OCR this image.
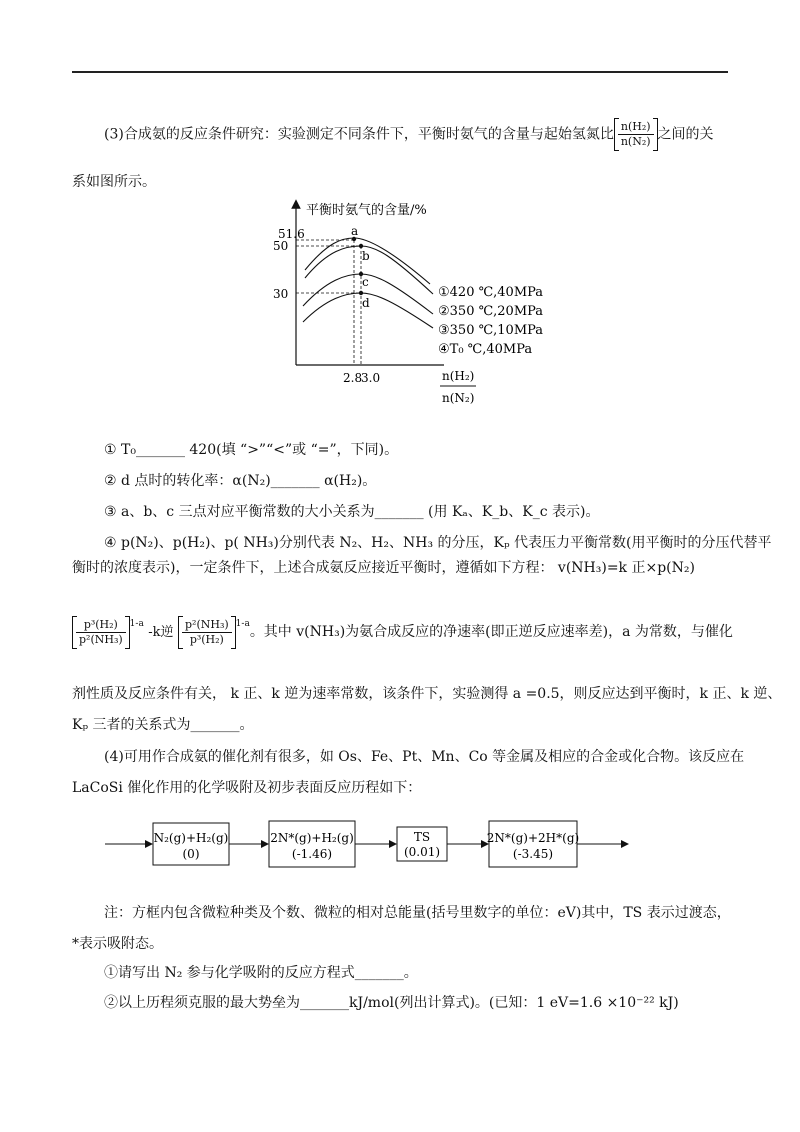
(3)合成氨的反应条件研究：实验测定不同条件下，平衡时氨气的含量与起始氢氮比 $\frac{\text{n(H₂)}}{\text{n(N₂)}}$ 之间的关
系如图所示。
平衡时氨气的含量/%
51.6
50
30
2.8
3.0
a
b
c
d
①420 ℃,40MPa
②350 ℃,20MPa
③350 ℃,10MPa
④T₀ ℃,40MPa
n(H₂)
n(N₂)
① T₀_______ 420(填 “>”“<”或 “=”，下同)。
② d 点时的转化率：α(N₂)_______ α(H₂)。
③ a、b、c 三点对应平衡常数的大小关系为_______ (用 Kₐ、K_b、K_c 表示)。
④ p(N₂)、p(H₂)、p( NH₃)分别代表 N₂、H₂、NH₃ 的分压，Kₚ 代表压力平衡常数(用平衡时的分压代替平
衡时的浓度表示)，一定条件下，上述合成氨反应接近平衡时，遵循如下方程： v(NH₃)=k 正×p(N₂)
$\frac{\text{p³(H₂)}}{\text{p²(NH₃)}} ^{1-a}$ -k逆 $\frac{\text{p²(NH₃)}}{\text{p³(H₂)}} ^{1-a}$。其中 v(NH₃)为氨合成反应的净速率(即正逆反应速率差)，a 为常数，与催化
剂性质及反应条件有关， k 正、k 逆为速率常数，该条件下，实验测得 a =0.5，则反应达到平衡时，k 正、k 逆、
Kₚ 三者的关系式为_______。
(4)可用作合成氨的催化剂有很多，如 Os、Fe、Pt、Mn、Co 等金属及相应的合金或化合物。该反应在
LaCoSi 催化作用的化学吸附及初步表面反应历程如下：
N₂(g)+H₂(g)
(0)
2N*(g)+H₂(g)
(-1.46)
TS
(0.01)
2N*(g)+2H*(g)
(-3.45)
注：方框内包含微粒种类及个数、微粒的相对总能量(括号里数字的单位：eV)其中，TS 表示过渡态，
*表示吸附态。
①请写出 N₂ 参与化学吸附的反应方程式_______。
②以上历程须克服的最大势垒为_______kJ/mol(列出计算式)。(已知：1 eV=1.6 ×10⁻²² kJ)
